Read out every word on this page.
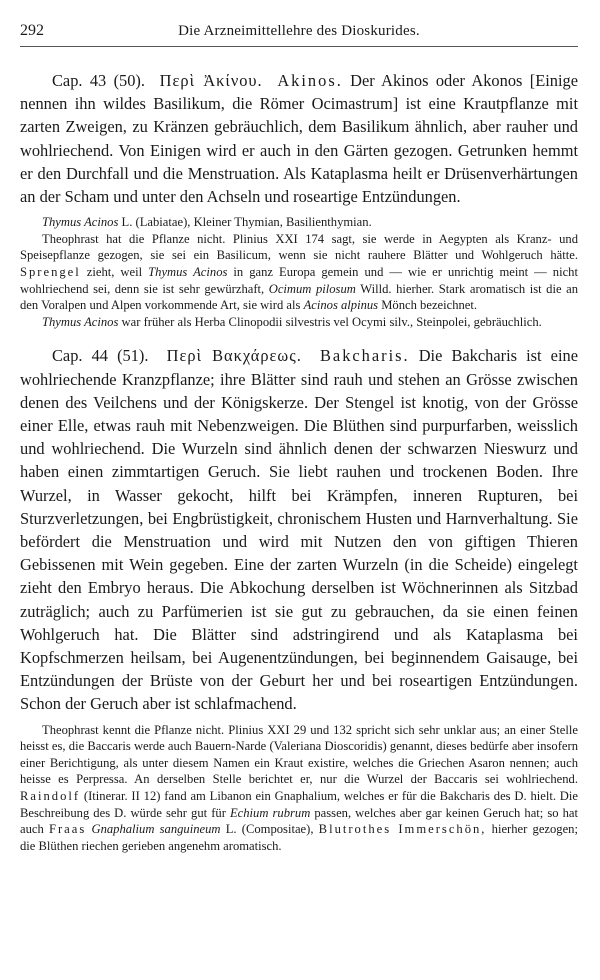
292	Die Arzneimittellehre des Dioskurides.

Cap. 43 (50). Περὶ Ἀκίνου. Akinos. Der Akinos oder Akonos [Einige nennen ihn wildes Basilikum, die Römer Ocimastrum] ist eine Krautpflanze mit zarten Zweigen, zu Kränzen gebräuchlich, dem Basilikum ähnlich, aber rauher und wohlriechend. Von Einigen wird er auch in den Gärten gezogen. Getrunken hemmt er den Durchfall und die Menstruation. Als Kataplasma heilt er Drüsenverhärtungen an der Scham und unter den Achseln und roseartige Entzündungen.

Thymus Acinos L. (Labiatae), Kleiner Thymian, Basilienthymian.

Theophrast hat die Pflanze nicht. Plinius XXI 174 sagt, sie werde in Aegypten als Kranz- und Speisepflanze gezogen, sie sei ein Basilicum, wenn sie nicht rauhere Blätter und Wohlgeruch hätte. Sprengel zieht, weil Thymus Acinos in ganz Europa gemein und — wie er unrichtig meint — nicht wohlriechend sei, denn sie ist sehr gewürzhaft, Ocimum pilosum Willd. hierher. Stark aromatisch ist die an den Voralpen und Alpen vorkommende Art, sie wird als Acinos alpinus Mönch bezeichnet.

Thymus Acinos war früher als Herba Clinopodii silvestris vel Ocymi silv., Steinpolei, gebräuchlich.

Cap. 44 (51). Περὶ Βακχάρεως. Bakcharis. Die Bakcharis ist eine wohlriechende Kranzpflanze; ihre Blätter sind rauh und stehen an Grösse zwischen denen des Veilchens und der Königskerze. Der Stengel ist knotig, von der Grösse einer Elle, etwas rauh mit Nebenzweigen. Die Blüthen sind purpurfarben, weisslich und wohlriechend. Die Wurzeln sind ähnlich denen der schwarzen Nieswurz und haben einen zimmtartigen Geruch. Sie liebt rauhen und trockenen Boden. Ihre Wurzel, in Wasser gekocht, hilft bei Krämpfen, inneren Rupturen, bei Sturzverletzungen, bei Engbrüstigkeit, chronischem Husten und Harnverhaltung. Sie befördert die Menstruation und wird mit Nutzen den von giftigen Thieren Gebissenen mit Wein gegeben. Eine der zarten Wurzeln (in die Scheide) eingelegt zieht den Embryo heraus. Die Abkochung derselben ist Wöchnerinnen als Sitzbad zuträglich; auch zu Parfümerien ist sie gut zu gebrauchen, da sie einen feinen Wohlgeruch hat. Die Blätter sind adstringirend und als Kataplasma bei Kopfschmerzen heilsam, bei Augenentzündungen, bei beginnendem Gaisauge, bei Entzündungen der Brüste von der Geburt her und bei roseartigen Entzündungen. Schon der Geruch aber ist schlafmachend.

Theophrast kennt die Pflanze nicht. Plinius XXI 29 und 132 spricht sich sehr unklar aus; an einer Stelle heisst es, die Baccaris werde auch Bauern-Narde (Valeriana Dioscoridis) genannt, dieses bedürfe aber insofern einer Berichtigung, als unter diesem Namen ein Kraut existire, welches die Griechen Asaron nennen; auch heisse es Perpressa. An derselben Stelle berichtet er, nur die Wurzel der Baccaris sei wohlriechend. Raindolf (Itinerar. II 12) fand am Libanon ein Gnaphalium, welches er für die Bakcharis des D. hielt. Die Beschreibung des D. würde sehr gut für Echium rubrum passen, welches aber gar keinen Geruch hat; so hat auch Fraas Gnaphalium sanguineum L. (Compositae), Blutrothes Immerschön, hierher gezogen; die Blüthen riechen gerieben angenehm aromatisch.
